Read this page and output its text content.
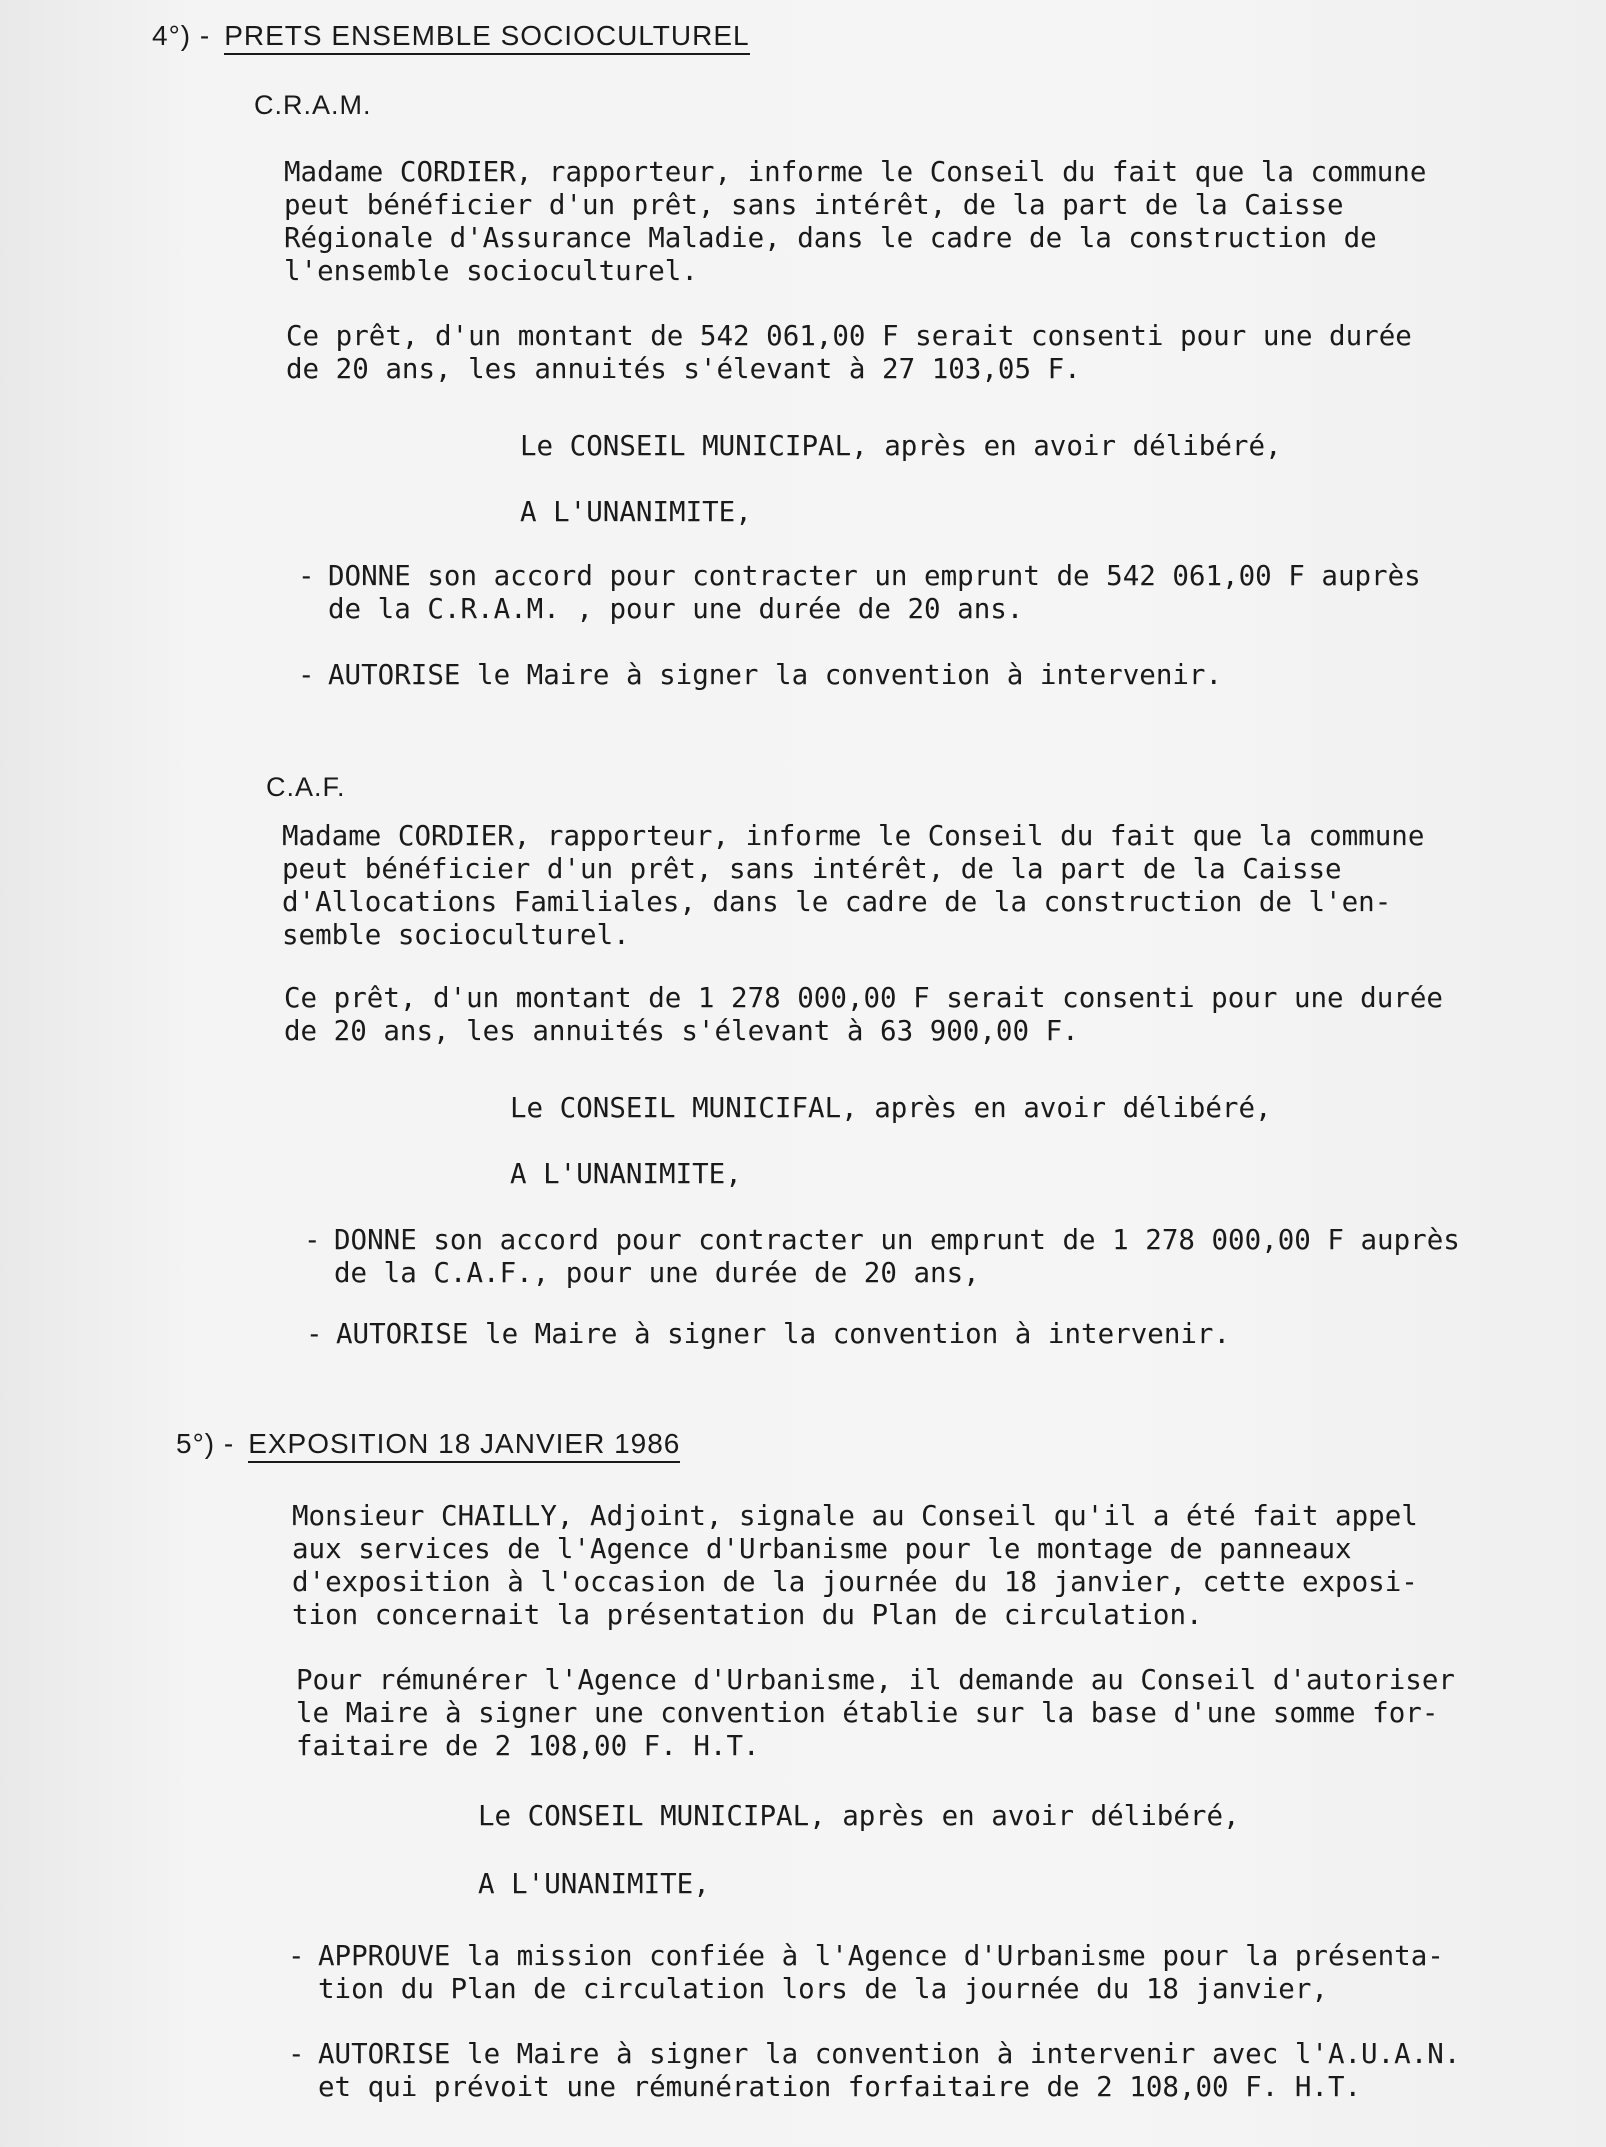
4°) - PRETS ENSEMBLE SOCIOCULTUREL
C.R.A.M.
Madame CORDIER, rapporteur, informe le Conseil du fait que la commune
peut bénéficier d'un prêt, sans intérêt, de la part de la Caisse
Régionale d'Assurance Maladie, dans le cadre de la construction de
l'ensemble socioculturel.
Ce prêt, d'un montant de 542 061,00 F serait consenti pour une durée
de 20 ans, les annuités s'élevant à 27 103,05 F.
Le CONSEIL MUNICIPAL, après en avoir délibéré,
A L'UNANIMITE,
- DONNE son accord pour contracter un emprunt de 542 061,00 F auprès
de la C.R.A.M. , pour une durée de 20 ans.
- AUTORISE le Maire à signer la convention à intervenir.
C.A.F.
Madame CORDIER, rapporteur, informe le Conseil du fait que la commune
peut bénéficier d'un prêt, sans intérêt, de la part de la Caisse
d'Allocations Familiales, dans le cadre de la construction de l'en-
semble socioculturel.
Ce prêt, d'un montant de 1 278 000,00 F serait consenti pour une durée
de 20 ans, les annuités s'élevant à 63 900,00 F.
Le CONSEIL MUNICIFAL, après en avoir délibéré,
A L'UNANIMITE,
- DONNE son accord pour contracter un emprunt de 1 278 000,00 F auprès
de la C.A.F., pour une durée de 20 ans,
- AUTORISE le Maire à signer la convention à intervenir.
5°) - EXPOSITION 18 JANVIER 1986
Monsieur CHAILLY, Adjoint, signale au Conseil qu'il a été fait appel
aux services de l'Agence d'Urbanisme pour le montage de panneaux
d'exposition à l'occasion de la journée du 18 janvier, cette exposi-
tion concernait la présentation du Plan de circulation.
Pour rémunérer l'Agence d'Urbanisme, il demande au Conseil d'autoriser
le Maire à signer une convention établie sur la base d'une somme for-
faitaire de 2 108,00 F. H.T.
Le CONSEIL MUNICIPAL, après en avoir délibéré,
A L'UNANIMITE,
- APPROUVE la mission confiée à l'Agence d'Urbanisme pour la présenta-
tion du Plan de circulation lors de la journée du 18 janvier,
- AUTORISE le Maire à signer la convention à intervenir avec l'A.U.A.N.
et qui prévoit une rémunération forfaitaire de 2 108,00 F. H.T.
